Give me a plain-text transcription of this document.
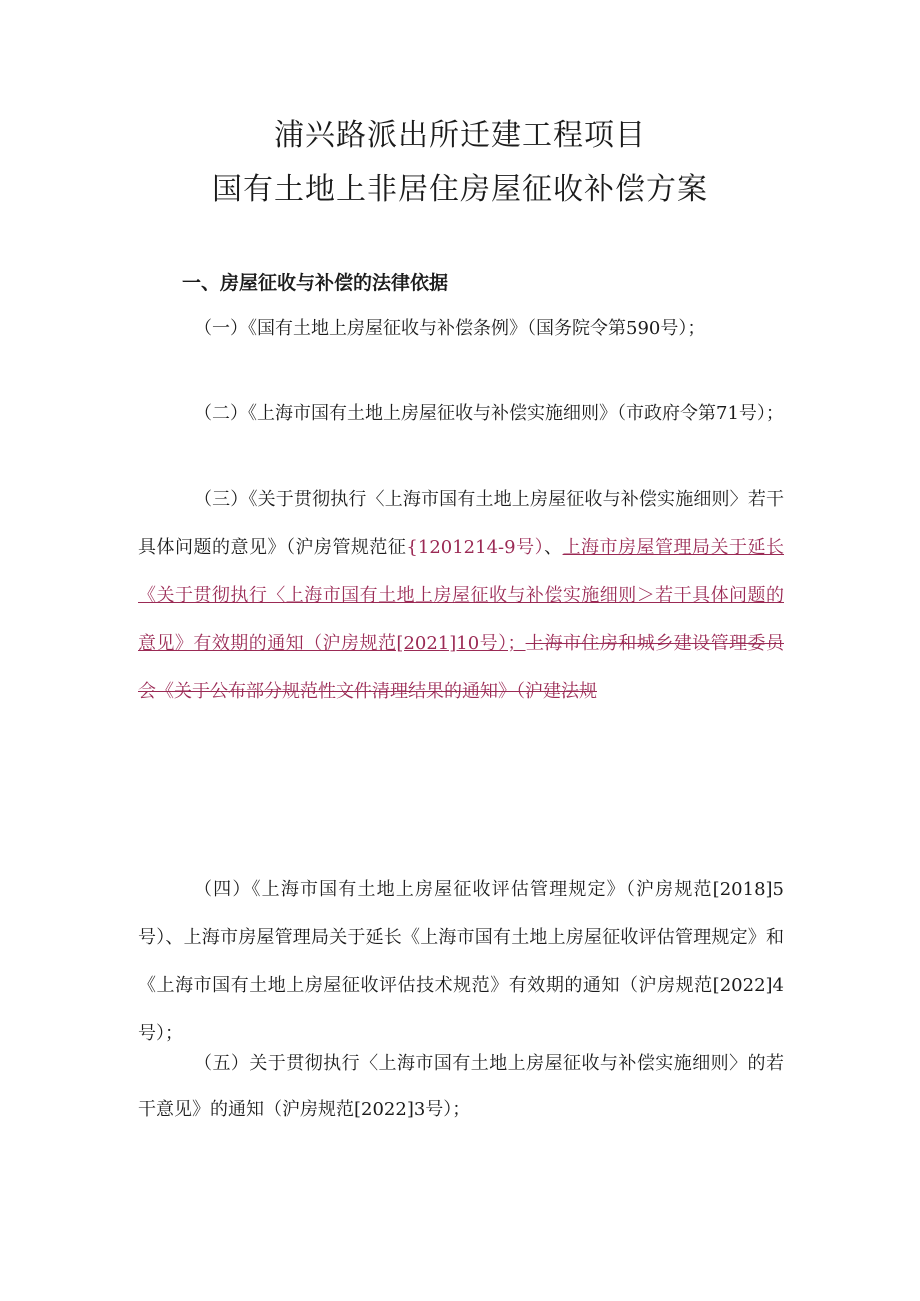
浦兴路派出所迁建工程项目
国有土地上非居住房屋征收补偿方案
一、房屋征收与补偿的法律依据

（一）《国有土地上房屋征收与补偿条例》（国务院令第590号）；

（二）《上海市国有土地上房屋征收与补偿实施细则》（市政府令第71号）；

（三）《关于贯彻执行〈上海市国有土地上房屋征收与补偿实施细则〉若干具体问题的意见》（沪房管规范征{1201214-9号）、上海市房屋管理局关于延长《关于贯彻执行〈上海市国有土地上房屋征收与补偿实施细则＞若干具体问题的意见》有效期的通知（沪房规范[2021]10号）；上海市住房和城乡建设管理委员会《关于公布部分规范性文件清理结果的通知》（沪建法规

（四）《上海市国有土地上房屋征收评估管理规定》（沪房规范[2018]5号）、上海市房屋管理局关于延长《上海市国有土地上房屋征收评估管理规定》和《上海市国有土地上房屋征收评估技术规范》有效期的通知（沪房规范[2022]4号）；

（五）关于贯彻执行〈上海市国有土地上房屋征收与补偿实施细则〉的若干意见》的通知（沪房规范[2022]3号）；
